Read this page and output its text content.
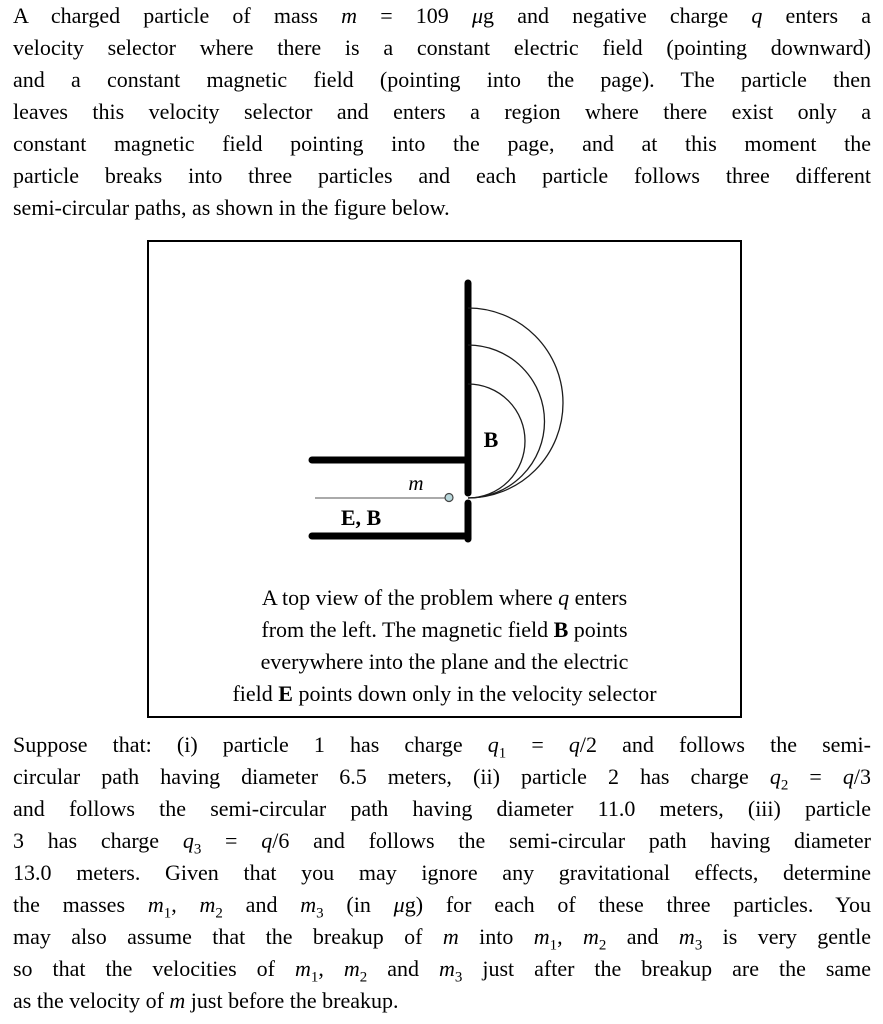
A charged particle of mass m = 109 μg and negative charge q enters a
velocity selector where there is a constant electric field (pointing downward)
and a constant magnetic field (pointing into the page). The particle then
leaves this velocity selector and enters a region where there exist only a
constant magnetic field pointing into the page, and at this moment the
particle breaks into three particles and each particle follows three different
semi-circular paths, as shown in the figure below.
B
m
E, B
A top view of the problem where q enters
from the left. The magnetic field B points
everywhere into the plane and the electric
field E points down only in the velocity selector
Suppose that: (i) particle 1 has charge $q_1 = q/2$ and follows the semi-
circular path having diameter 6.5 meters, (ii) particle 2 has charge $q_2 = q/3$
and follows the semi-circular path having diameter 11.0 meters, (iii) particle
3 has charge $q_3 = q/6$ and follows the semi-circular path having diameter
13.0 meters. Given that you may ignore any gravitational effects, determine
the masses $m_1$, $m_2$ and $m_3$ (in μg) for each of these three particles. You
may also assume that the breakup of m into $m_1$, $m_2$ and $m_3$ is very gentle
so that the velocities of $m_1$, $m_2$ and $m_3$ just after the breakup are the same
as the velocity of m just before the breakup.
